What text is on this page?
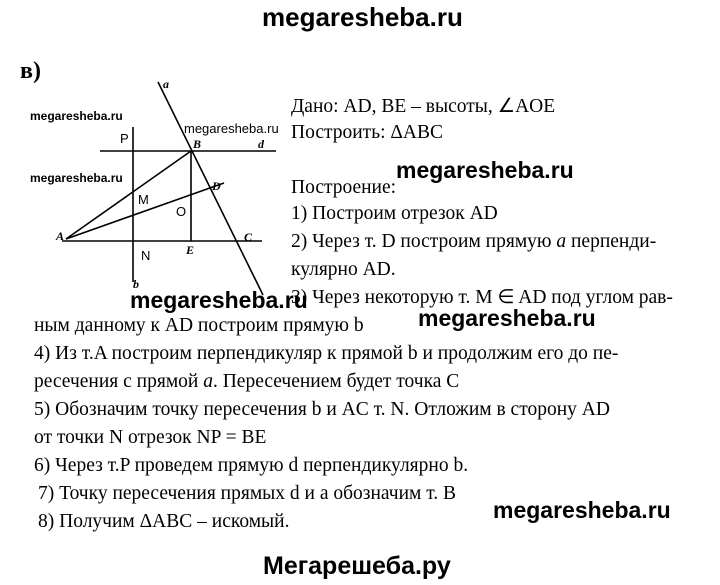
megaresheba.ru
в)	a
P	B	d
M
D
O
A	C
N	E
b
megaresheba.ru
megaresheba.ru
megaresheba.ru
megaresheba.ru
megaresheba.ru
megaresheba.ru
megaresheba.ru
Дано: AD, BE – высоты, ∠AOE
Построить: ΔABC
Построение:
1) Построим отрезок AD
2) Через т. D построим прямую a перпенди-
кулярно AD.
3) Через некоторую т. M ∈ AD под углом рав-
ным данному к AD построим прямую b
4) Из т.A построим перпендикуляр к прямой b и продолжим его до пе-
ресечения с прямой a. Пересечением будет точка C
5) Обозначим точку пересечения b и AC т. N. Отложим в сторону AD
от точки N отрезок NP = BE
6) Через т.P проведем прямую d перпендикулярно b.
7) Точку пересечения прямых d и a обозначим т. B
8) Получим ΔABC – искомый.
Мегарешеба.ру
